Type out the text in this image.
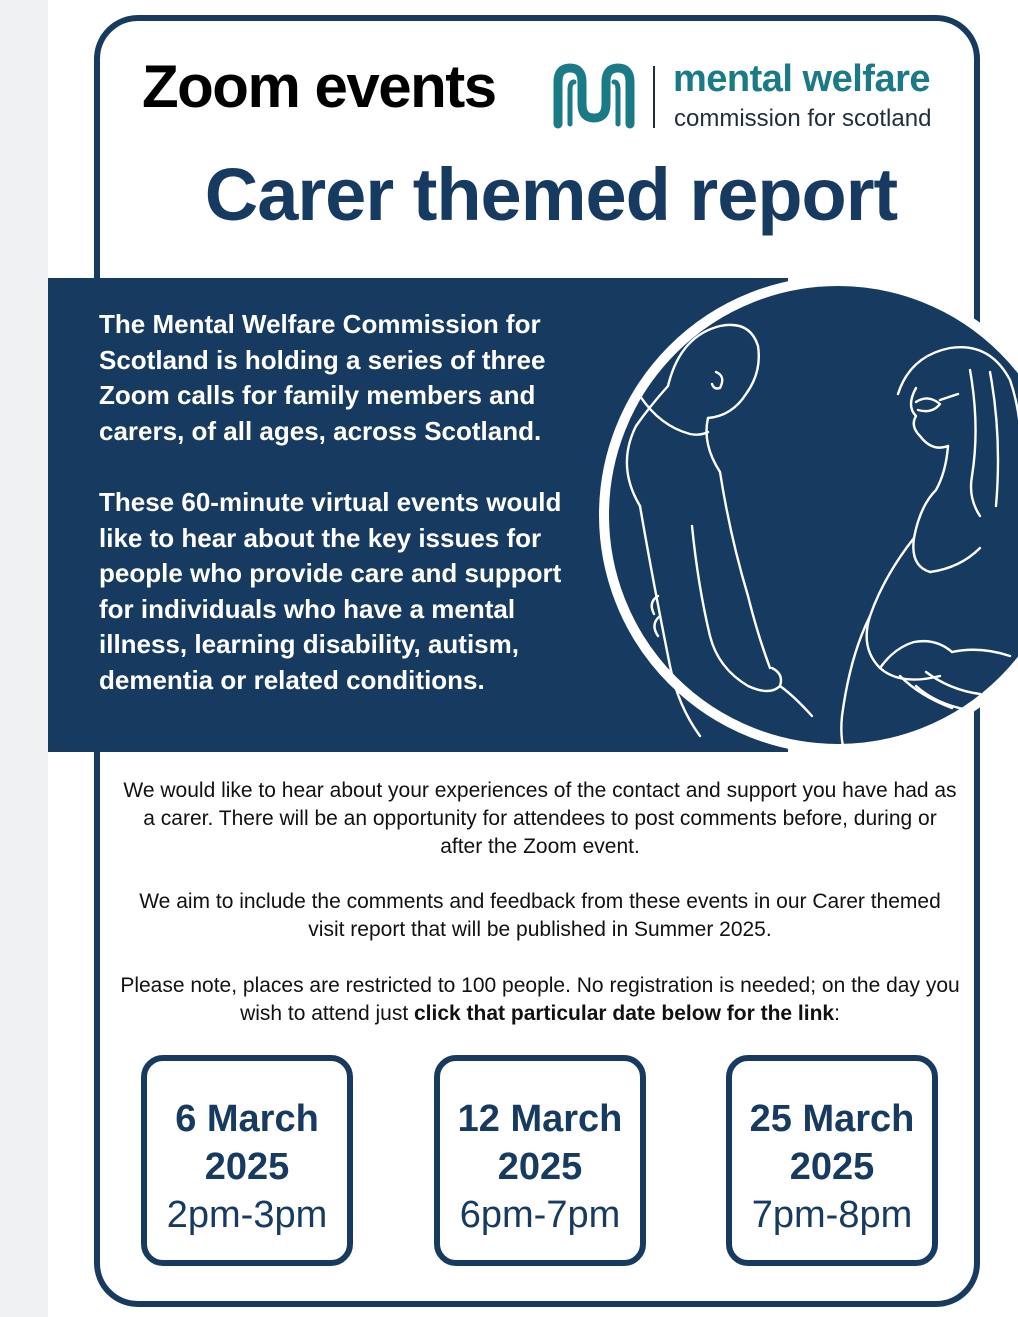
Zoom events	mental welfare
commission for scotland
Carer themed report

The Mental Welfare Commission for Scotland is holding a series of three Zoom calls for family members and carers, of all ages, across Scotland.

These 60-minute virtual events would like to hear about the key issues for people who provide care and support for individuals who have a mental illness, learning disability, autism, dementia or related conditions.

We would like to hear about your experiences of the contact and support you have had as a carer. There will be an opportunity for attendees to post comments before, during or after the Zoom event.

We aim to include the comments and feedback from these events in our Carer themed visit report that will be published in Summer 2025.

Please note, places are restricted to 100 people. No registration is needed; on the day you wish to attend just click that particular date below for the link:

6 March
2025
2pm-3pm
12 March
2025
6pm-7pm
25 March
2025
7pm-8pm
